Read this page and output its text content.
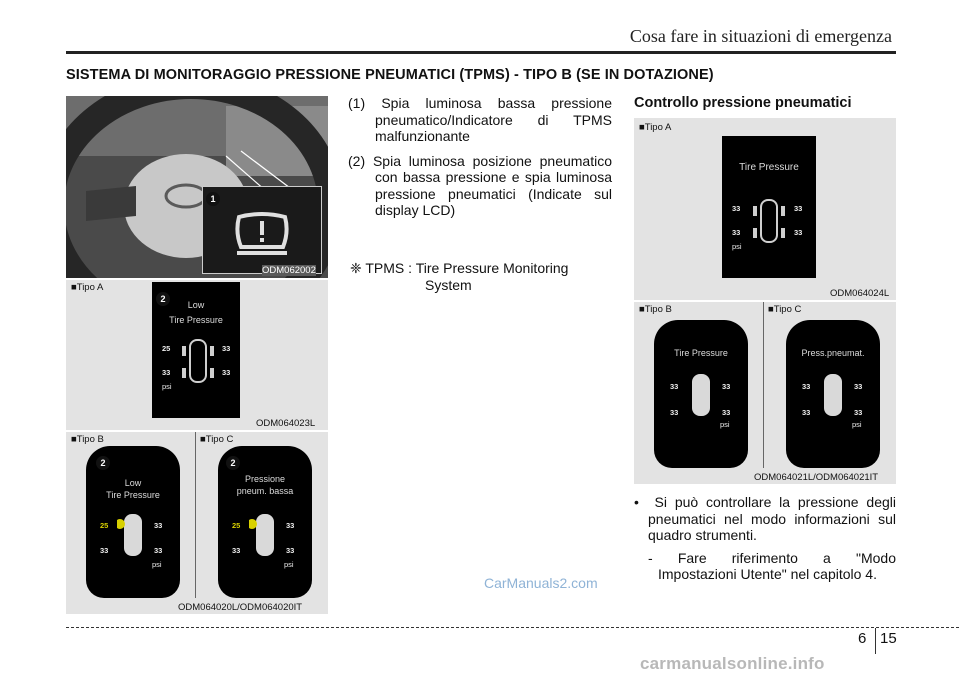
Cosa fare in situazioni di emergenza
SISTEMA DI MONITORAGGIO PRESSIONE PNEUMATICI (TPMS) - TIPO B (SE IN DOTAZIONE)
1
ODM062002
■ Tipo A
Low
Tire Pressure
25	33
33	33
psi
2
ODM064023L
■ Tipo B	■ Tipo C
Low
Tire Pressure
25	33
33	33
psi
2
Pressione
pneum. bassa
25	33
33	33
psi
2
ODM064020L/ODM064020IT
(1) Spia luminosa bassa pressione pneumatico/Indicatore di TPMS malfunzionante
(2) Spia luminosa posizione pneumatico con bassa pressione e spia luminosa pressione pneumatici (Indicate sul display LCD)
❈ TPMS : Tire Pressure Monitoring
System
Controllo pressione pneumatici
■ Tipo A
Tire Pressure
33	33
33	33
psi
ODM064024L
■ Tipo B	■ Tipo C
Tire Pressure
33	33
33	33
psi
Press.pneumat.
33	33
33	33
psi
ODM064021L/ODM064021IT
•  Si può controllare la pressione degli pneumatici nel modo informazioni sul quadro strumenti.
- Fare riferimento a "Modo
Impostazioni Utente" nel capitolo 4.
CarManuals2.com
6 15
carmanualsonline.info
